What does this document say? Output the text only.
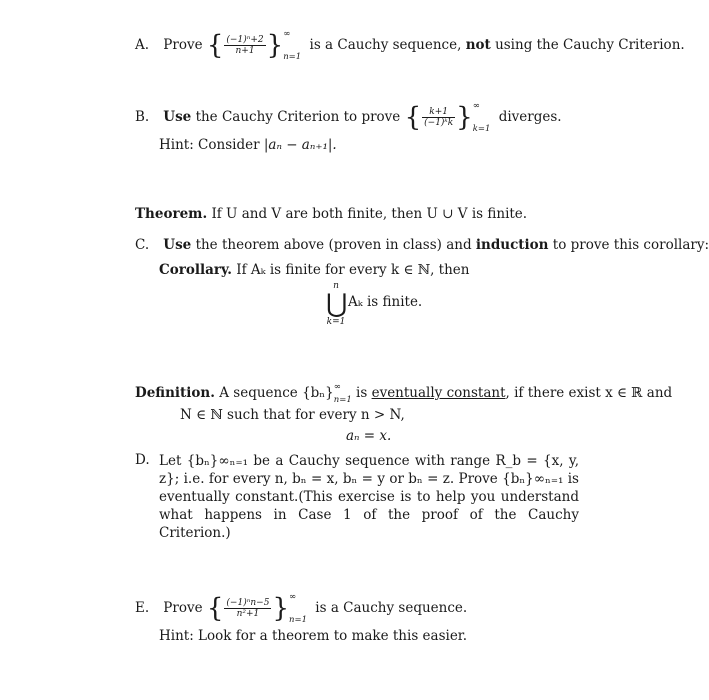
A. Prove { $\frac{\text{(−1)ⁿ+2}}{n+1}$ } ∞
n=1
is a Cauchy sequence, not using the Cauchy Criterion.
B. Use the Cauchy Criterion to prove { $\frac{k+1}{\text{(−1)ᵏk}}$ } ∞
k=1
diverges.
Hint: Consider |aₙ − aₙ₊₁|.
Theorem. If U and V are both finite, then U ∪ V is finite.
C. Use the theorem above (proven in class) and induction to prove this corollary:
Corollary. If Aₖ is finite for every k ∈ ℕ, then
n
⋃
k=1
Aₖ is finite.
Definition. A sequence {bₙ} ∞
n=1 is eventually constant, if there exist x ∈ ℝ and
N ∈ ℕ such that for every n > N,
aₙ = x.
D. Let {bₙ}∞ₙ₌₁ be a Cauchy sequence with range R_b = {x, y, z}; i.e. for every n, bₙ = x, bₙ = y or bₙ = z. Prove {bₙ}∞ₙ₌₁ is eventually constant.(This exercise is to help you understand what happens in Case 1 of the proof of the Cauchy Criterion.)
E. Prove { $\frac{\text{(−1)ⁿn−5}}{\text{n²+1}}$ } ∞
n=1
is a Cauchy sequence.
Hint: Look for a theorem to make this easier.
